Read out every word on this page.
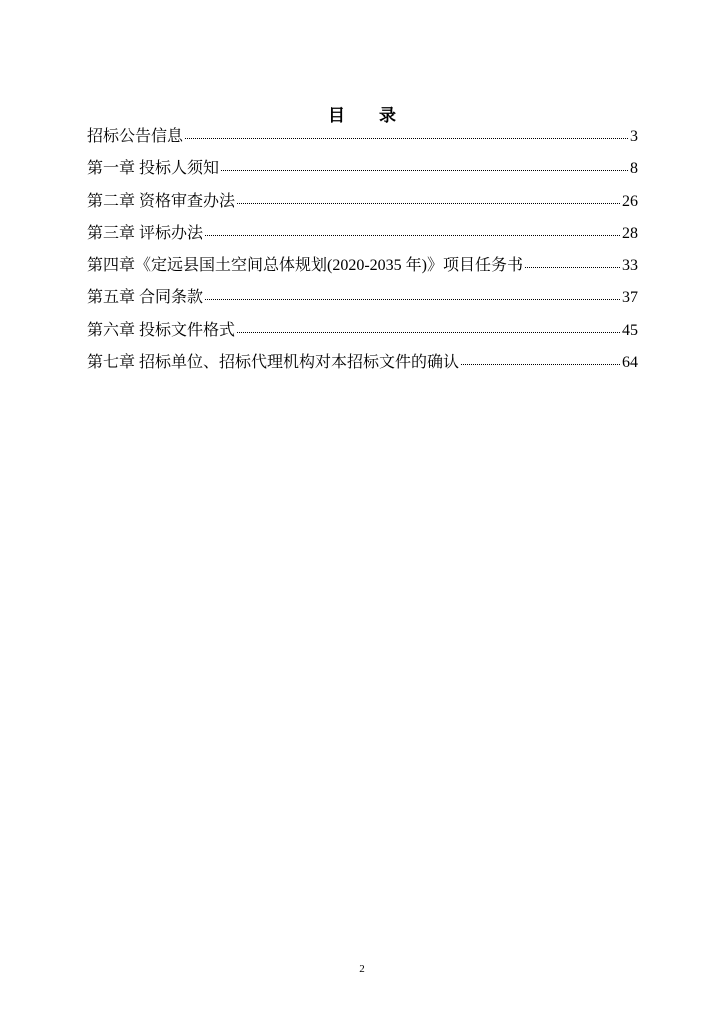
目 录
招标公告信息	3
第一章 投标人须知	8
第二章 资格审查办法	26
第三章 评标办法	28
第四章《定远县国土空间总体规划(2020-2035 年)》项目任务书	33
第五章 合同条款	37
第六章 投标文件格式	45
第七章 招标单位、招标代理机构对本招标文件的确认	64
2
